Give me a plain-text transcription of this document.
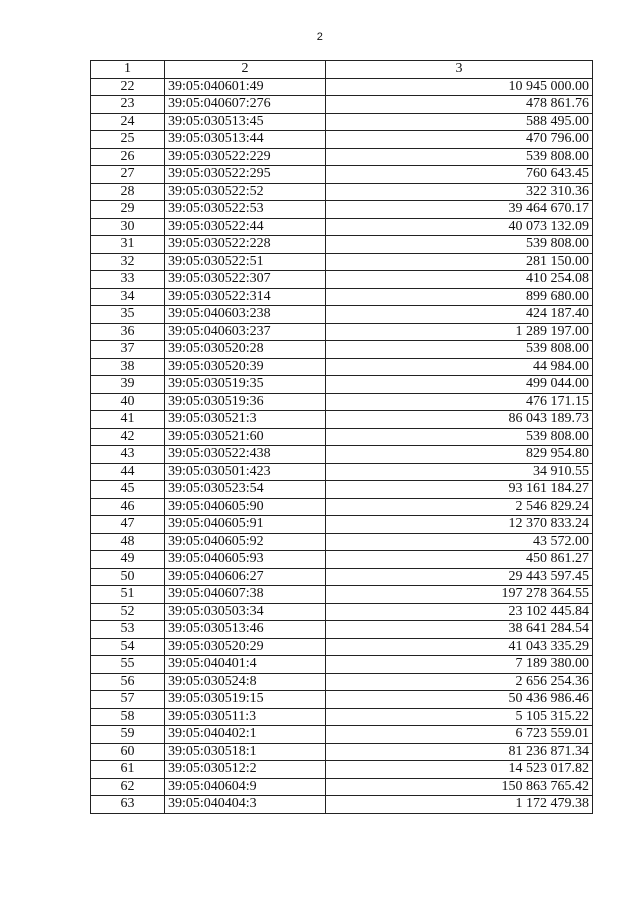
2
1	2	3
22	39:05:040601:49	10 945 000.00
23	39:05:040607:276	478 861.76
24	39:05:030513:45	588 495.00
25	39:05:030513:44	470 796.00
26	39:05:030522:229	539 808.00
27	39:05:030522:295	760 643.45
28	39:05:030522:52	322 310.36
29	39:05:030522:53	39 464 670.17
30	39:05:030522:44	40 073 132.09
31	39:05:030522:228	539 808.00
32	39:05:030522:51	281 150.00
33	39:05:030522:307	410 254.08
34	39:05:030522:314	899 680.00
35	39:05:040603:238	424 187.40
36	39:05:040603:237	1 289 197.00
37	39:05:030520:28	539 808.00
38	39:05:030520:39	44 984.00
39	39:05:030519:35	499 044.00
40	39:05:030519:36	476 171.15
41	39:05:030521:3	86 043 189.73
42	39:05:030521:60	539 808.00
43	39:05:030522:438	829 954.80
44	39:05:030501:423	34 910.55
45	39:05:030523:54	93 161 184.27
46	39:05:040605:90	2 546 829.24
47	39:05:040605:91	12 370 833.24
48	39:05:040605:92	43 572.00
49	39:05:040605:93	450 861.27
50	39:05:040606:27	29 443 597.45
51	39:05:040607:38	197 278 364.55
52	39:05:030503:34	23 102 445.84
53	39:05:030513:46	38 641 284.54
54	39:05:030520:29	41 043 335.29
55	39:05:040401:4	7 189 380.00
56	39:05:030524:8	2 656 254.36
57	39:05:030519:15	50 436 986.46
58	39:05:030511:3	5 105 315.22
59	39:05:040402:1	6 723 559.01
60	39:05:030518:1	81 236 871.34
61	39:05:030512:2	14 523 017.82
62	39:05:040604:9	150 863 765.42
63	39:05:040404:3	1 172 479.38
